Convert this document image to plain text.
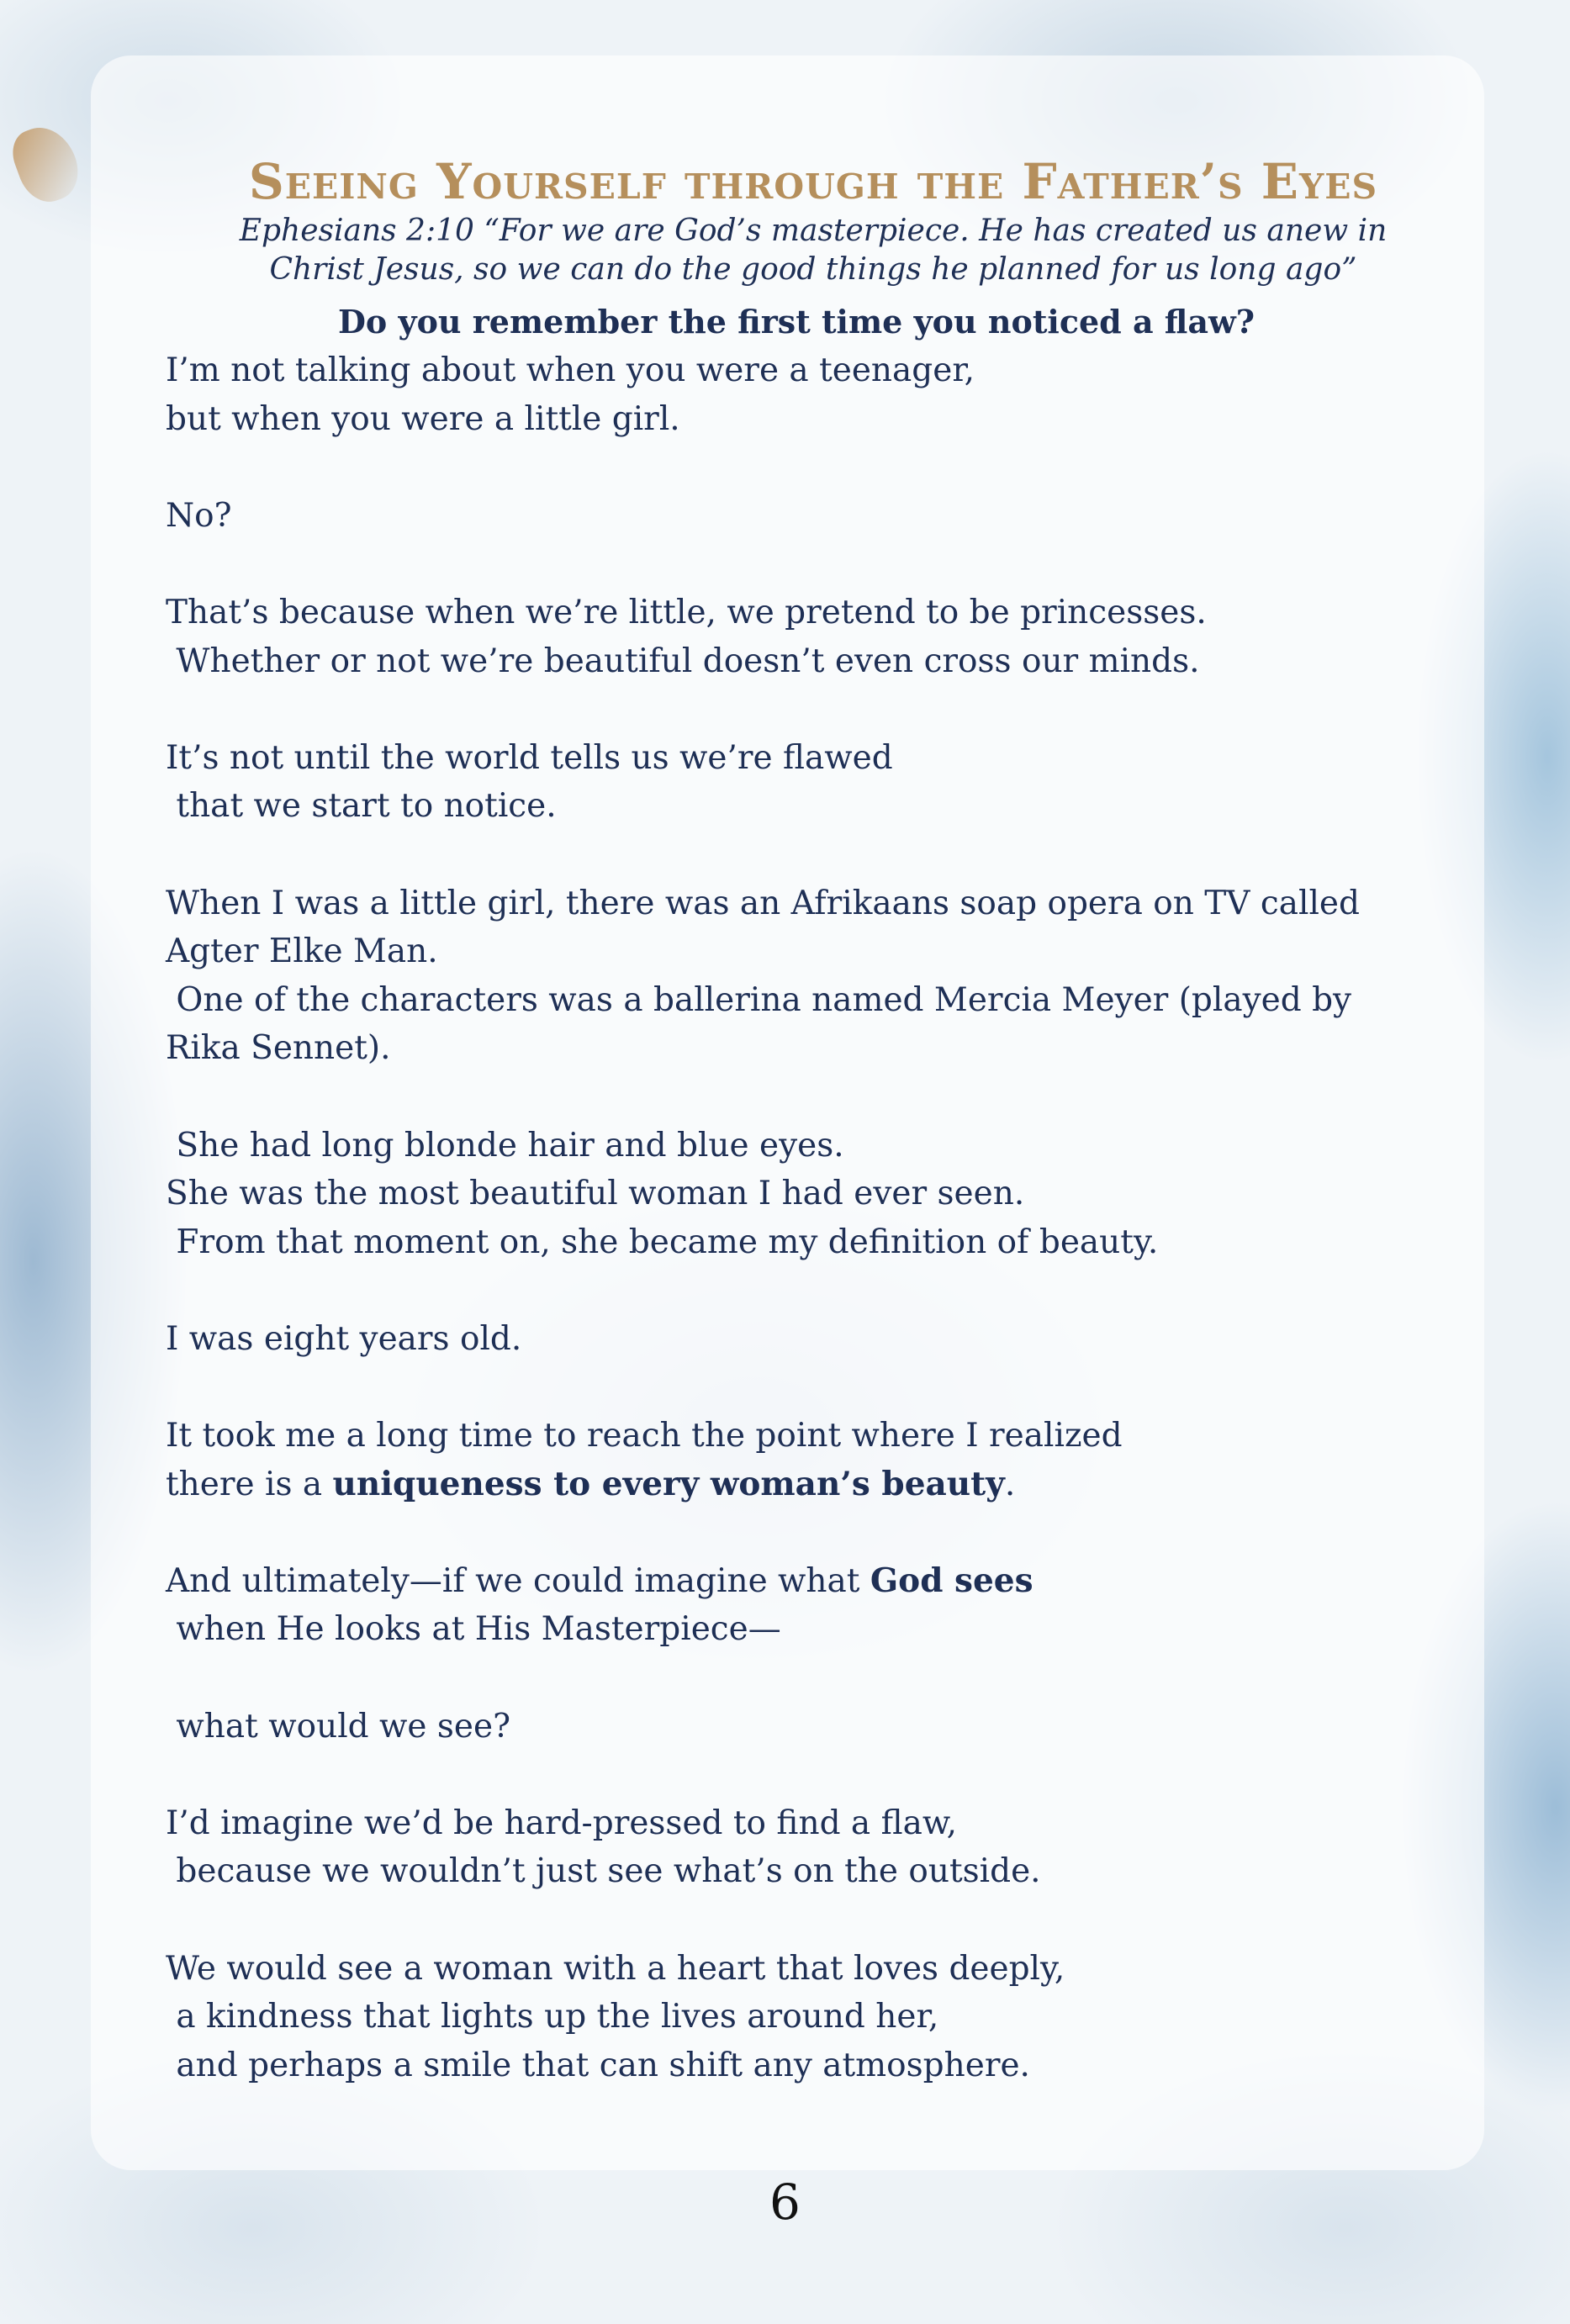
Seeing Yourself through the Father’s Eyes

Ephesians 2:10 “For we are God’s masterpiece. He has created us anew in
Christ Jesus, so we can do the good things he planned for us long ago”

Do you remember the first time you noticed a flaw?

I’m not talking about when you were a teenager,
but when you were a little girl.
No?
That’s because when we’re little, we pretend to be princesses.
Whether or not we’re beautiful doesn’t even cross our minds.
It’s not until the world tells us we’re flawed
that we start to notice.
When I was a little girl, there was an Afrikaans soap opera on TV called
Agter Elke Man.
One of the characters was a ballerina named Mercia Meyer (played by
Rika Sennet).
She had long blonde hair and blue eyes.
She was the most beautiful woman I had ever seen.
From that moment on, she became my definition of beauty.
I was eight years old.
It took me a long time to reach the point where I realized
there is a uniqueness to every woman’s beauty.
And ultimately—if we could imagine what God sees
when He looks at His Masterpiece—
what would we see?
I’d imagine we’d be hard-pressed to find a flaw,
because we wouldn’t just see what’s on the outside.
We would see a woman with a heart that loves deeply,
a kindness that lights up the lives around her,
and perhaps a smile that can shift any atmosphere.
6
